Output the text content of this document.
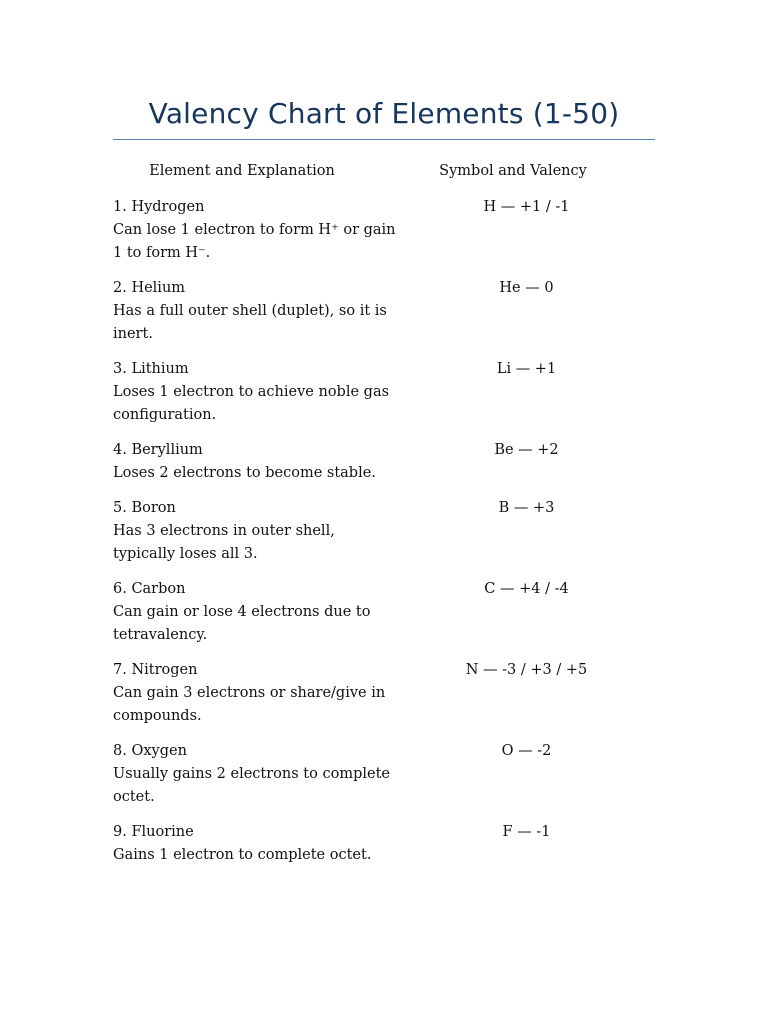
Valency Chart of Elements (1-50)
Element and Explanation	Symbol and Valency
1. Hydrogen
Can lose 1 electron to form H⁺ or gain 1 to form H⁻.
H — +1 / -1
2. Helium
Has a full outer shell (duplet), so it is inert.
He — 0
3. Lithium
Loses 1 electron to achieve noble gas configuration.
Li — +1
4. Beryllium
Loses 2 electrons to become stable.
Be — +2
5. Boron
Has 3 electrons in outer shell, typically loses all 3.
B — +3
6. Carbon
Can gain or lose 4 electrons due to tetravalency.
C — +4 / -4
7. Nitrogen
Can gain 3 electrons or share/give in compounds.
N — -3 / +3 / +5
8. Oxygen
Usually gains 2 electrons to complete octet.
O — -2
9. Fluorine
Gains 1 electron to complete octet.
F — -1
